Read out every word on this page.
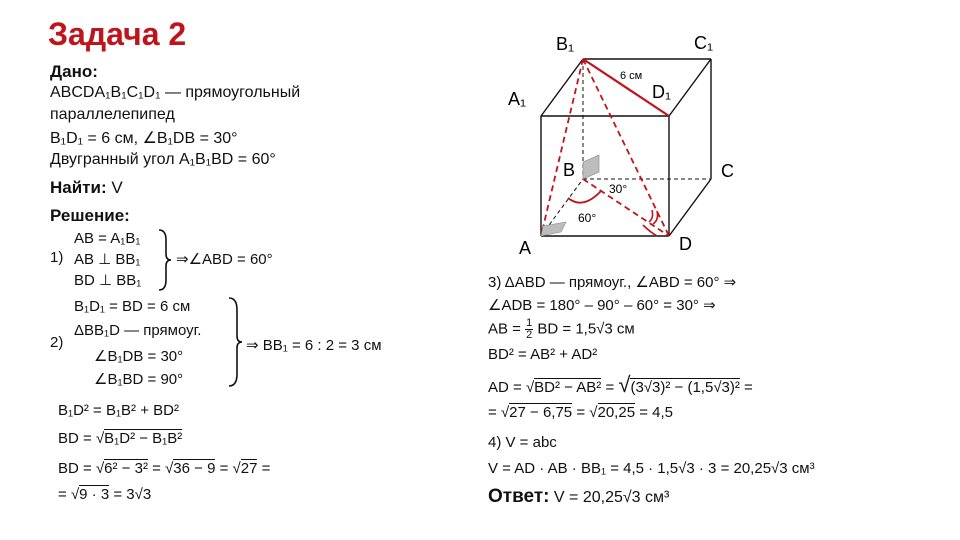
Задача 2
Дано:
ABCDA₁B₁C₁D₁ — прямоугольный
параллелепипед
B₁D₁ = 6 см, ∠B₁DB = 30°
Двугранный угол A₁B₁BD = 60°
Найти: V
Решение:
1)
AB = A₁B₁
AB ⊥ BB₁
BD ⊥ BB₁
⇒∠ABD = 60°
2)
B₁D₁ = BD = 6 см
ΔBB₁D — прямоуг.
∠B₁DB = 30°
∠B₁BD = 90°
⇒ BB₁ = 6 : 2 = 3 см
B₁D² = B₁B² + BD²
BD = √B₁D² − B₁B²
BD = √6² − 3² = √36 − 9 = √27 =
= √9 · 3 = 3√3
3) ΔABD — прямоуг., ∠ABD = 60° ⇒
∠ADB = 180° – 90° – 60° = 30° ⇒
AB = $\frac{1}{2}$ BD = 1,5√3 см
BD² = AB² + AD²
AD = √BD² − AB² = √(3√3)² − (1,5√3)² =
= √27 − 6,75 = √20,25 = 4,5
4) V = abc
V = AD · AB · BB₁ = 4,5 · 1,5√3 · 3 = 20,25√3 см³
Ответ: V = 20,25√3 см³
B₁	C₁
A₁	D₁
B	C
A	D
6 см
30°
60°
